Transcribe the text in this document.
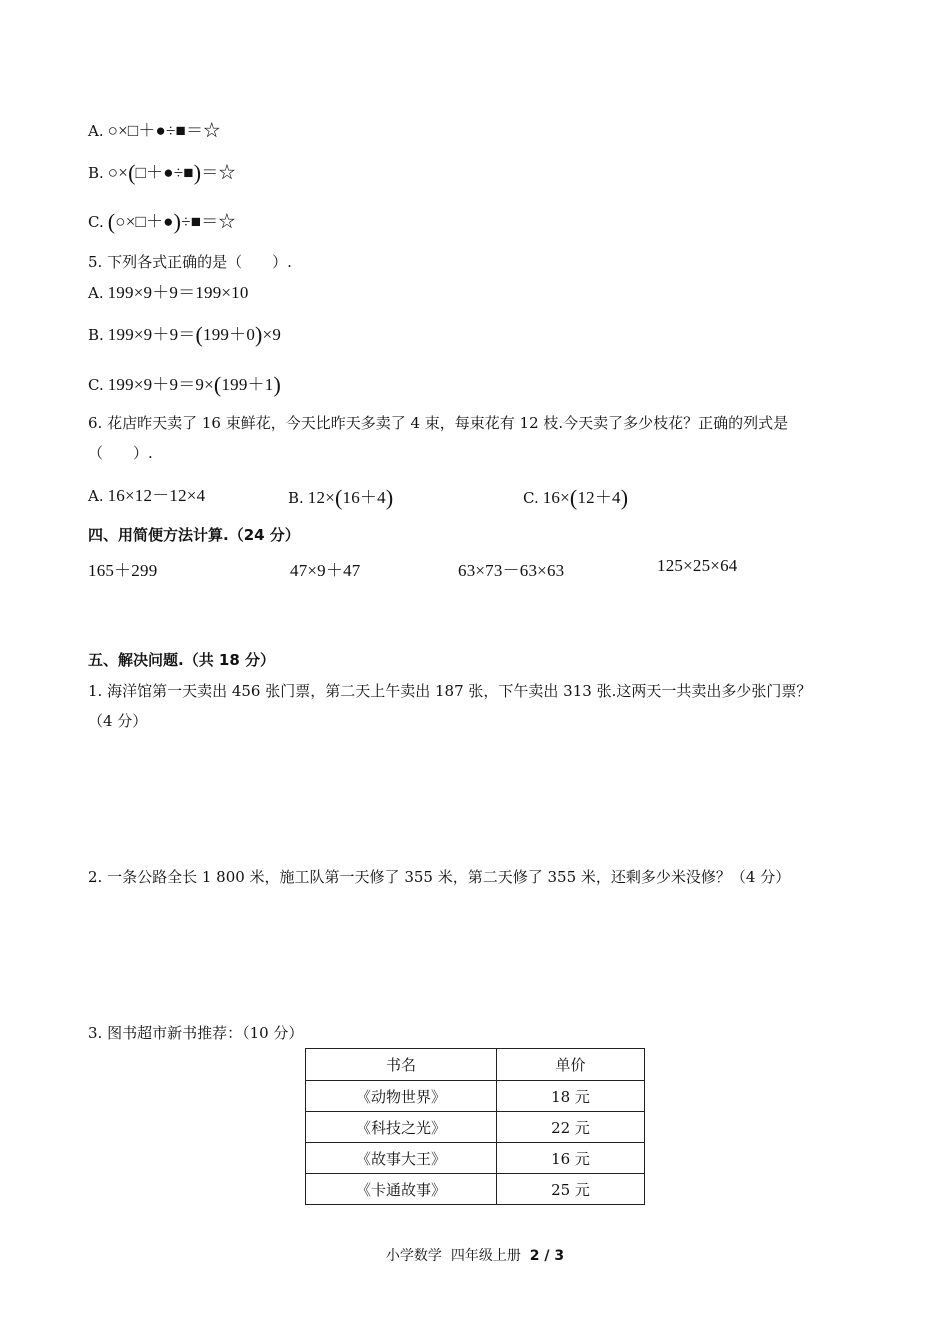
A. ○×□＋●÷■＝☆
B. ○×(□＋●÷■)＝☆
C. (○×□＋●)÷■＝☆
5. 下列各式正确的是（　　）.
A. 199×9＋9＝199×10
B. 199×9＋9＝(199＋0)×9
C. 199×9＋9＝9×(199＋1)
6. 花店昨天卖了 16 束鲜花，今天比昨天多卖了 4 束，每束花有 12 枝.今天卖了多少枝花？正确的列式是
（　　）.
A. 16×12－12×4	B. 12×(16＋4)	C. 16×(12＋4)
四、用简便方法计算.（24 分）
165＋299	47×9＋47	63×73－63×63	125×25×64
五、解决问题.（共 18 分）
1. 海洋馆第一天卖出 456 张门票，第二天上午卖出 187 张，下午卖出 313 张.这两天一共卖出多少张门票？
（4 分）
2. 一条公路全长 1 800 米，施工队第一天修了 355 米，第二天修了 355 米，还剩多少米没修？（4 分）
3. 图书超市新书推荐：（10 分）
书名	单价
《动物世界》	18 元
《科技之光》	22 元
《故事大王》	16 元
《卡通故事》	25 元
小学数学  四年级上册  2 / 3
